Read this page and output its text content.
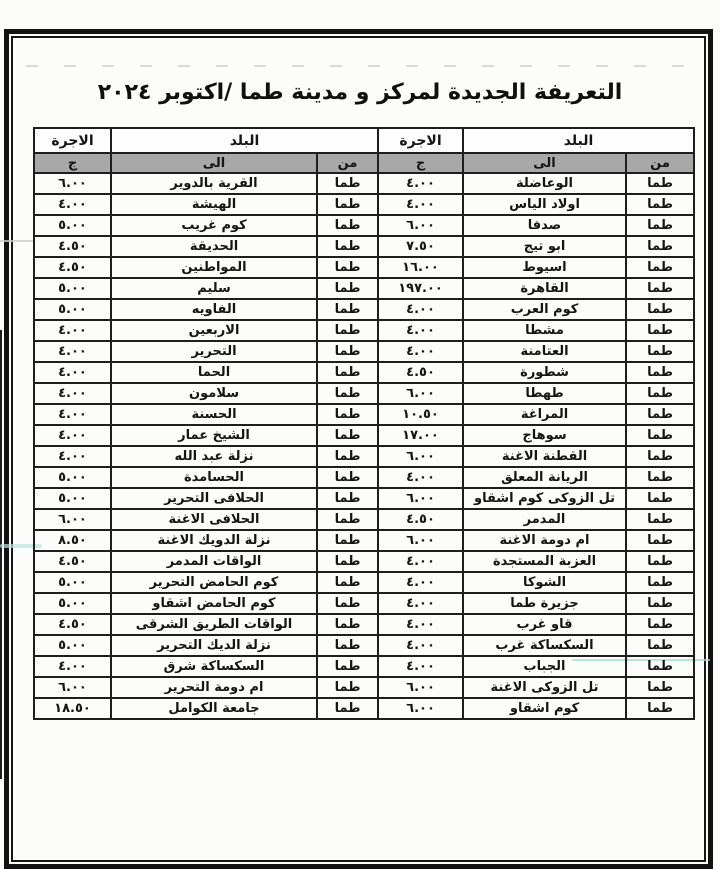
التعريفة الجديدة لمركز و مدينة طما /اكتوبر ٢٠٢٤
البلد		الاجرة	البلد		الاجرة
من	الى	ج	من	الى	ج
طما	الوعاضلة	٤.٠٠	طما	القرية بالدوير	٦.٠٠
طما	اولاد الياس	٤.٠٠	طما	الهيشة	٤.٠٠
طما	صدفا	٦.٠٠	طما	كوم غريب	٥.٠٠
طما	ابو تيج	٧.٥٠	طما	الحديقة	٤.٥٠
طما	اسيوط	١٦.٠٠	طما	المواطنين	٤.٥٠
طما	القاهرة	١٩٧.٠٠	طما	سليم	٥.٠٠
طما	كوم العرب	٤.٠٠	طما	الفاويه	٥.٠٠
طما	مشطا	٤.٠٠	طما	الاربعين	٤.٠٠
طما	العتامنة	٤.٠٠	طما	التحرير	٤.٠٠
طما	شطورة	٤.٥٠	طما	الحما	٤.٠٠
طما	طهطا	٦.٠٠	طما	سلامون	٤.٠٠
طما	المراغة	١٠.٥٠	طما	الحسنة	٤.٠٠
طما	سوهاج	١٧.٠٠	طما	الشيخ عمار	٤.٠٠
طما	القطنة الاغنة	٦.٠٠	طما	نزلة عبد الله	٤.٠٠
طما	الريانة المعلق	٤.٠٠	طما	الحسامدة	٥.٠٠
طما	تل الزوكى كوم اشقاو	٦.٠٠	طما	الحلافى التحرير	٥.٠٠
طما	المدمر	٤.٥٠	طما	الحلافى الاغنة	٦.٠٠
طما	ام دومة الاغنة	٦.٠٠	طما	نزلة الدويك الاغنة	٨.٥٠
طما	العزبة المستجدة	٤.٠٠	طما	الواقات المدمر	٤.٥٠
طما	الشوكا	٤.٠٠	طما	كوم الحامض التحرير	٥.٠٠
طما	جزيرة طما	٤.٠٠	طما	كوم الحامض اشقاو	٥.٠٠
طما	قاو غرب	٤.٠٠	طما	الواقات الطريق الشرقى	٤.٥٠
طما	السكساكة غرب	٤.٠٠	طما	نزلة الديك التحرير	٥.٠٠
طما	الجباب	٤.٠٠	طما	السكساكة شرق	٤.٠٠
طما	تل الزوكى الاغنة	٦.٠٠	طما	ام دومة التحرير	٦.٠٠
طما	كوم اشقاو	٦.٠٠	طما	جامعة الكوامل	١٨.٥٠
